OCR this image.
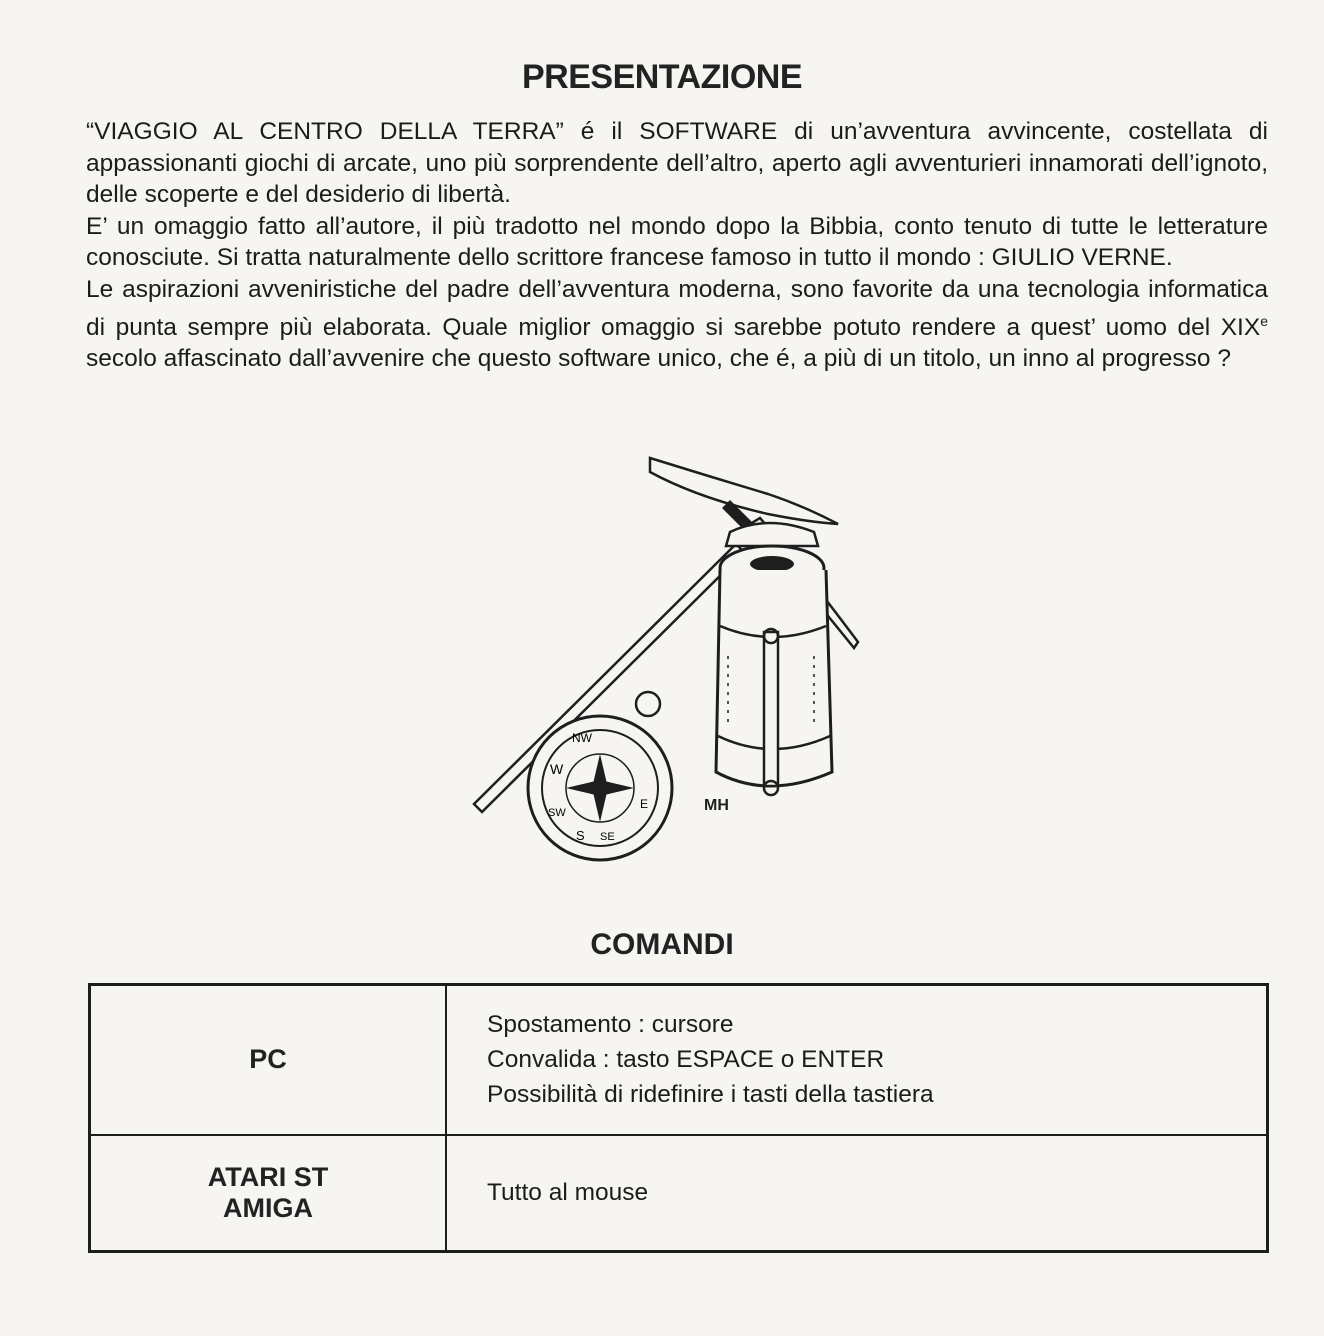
PRESENTAZIONE

“VIAGGIO AL CENTRO DELLA TERRA” é il SOFTWARE di un’avventura avvincente, costellata di appassionanti giochi di arcate, uno più sorprendente dell’altro, aperto agli avventurieri innamorati dell’ignoto, delle scoperte e del desiderio di libertà.

E’ un omaggio fatto all’autore, il più tradotto nel mondo dopo la Bibbia, conto tenuto di tutte le letterature conosciute. Si tratta naturalmente dello scrittore francese famoso in tutto il mondo : GIULIO VERNE.

Le aspirazioni avveniristiche del padre dell’avventura moderna, sono favorite da una tecnologia informatica di punta sempre più elaborata. Quale miglior omaggio si sarebbe potuto rendere a quest’ uomo del XIXe secolo affascinato dall’avvenire che questo software unico, che é, a più di un titolo, un inno al progresso ?

NW
W
SW
S SE
E	MH
COMANDI
PC	Spostamento : cursore
Convalida : tasto ESPACE o ENTER
Possibilità di ridefinire i tasti della tastiera

ATARI ST
AMIGA	Tutto al mouse
